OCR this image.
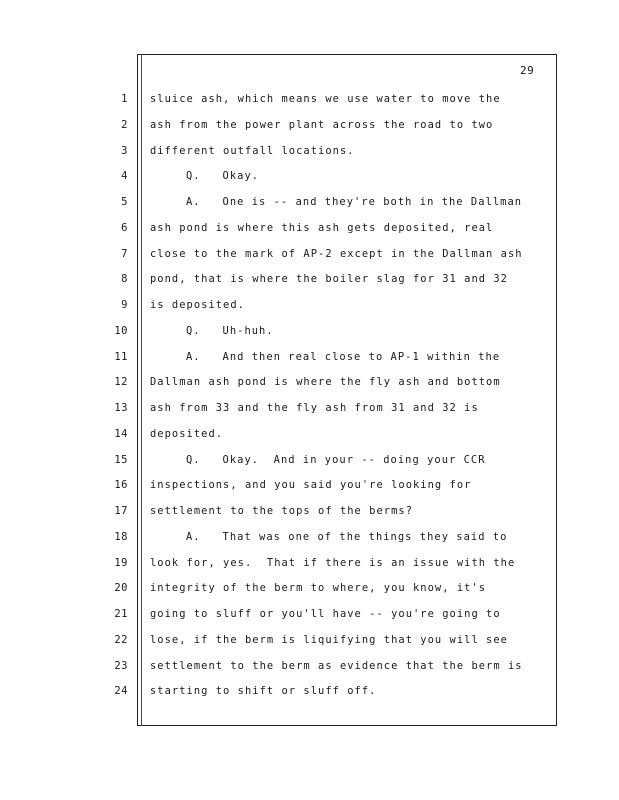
29
1
2
3
4
5
6
7
8
9
10
11
12
13
14
15
16
17
18
19
20
21
22
23
24
sluice ash, which means we use water to move the
ash from the power plant across the road to two
different outfall locations.
Q.   Okay.
A.   One is -- and they're both in the Dallman
ash pond is where this ash gets deposited, real
close to the mark of AP-2 except in the Dallman ash
pond, that is where the boiler slag for 31 and 32
is deposited.
Q.   Uh-huh.
A.   And then real close to AP-1 within the
Dallman ash pond is where the fly ash and bottom
ash from 33 and the fly ash from 31 and 32 is
deposited.
Q.   Okay.  And in your -- doing your CCR
inspections, and you said you're looking for
settlement to the tops of the berms?
A.   That was one of the things they said to
look for, yes.  That if there is an issue with the
integrity of the berm to where, you know, it's
going to sluff or you'll have -- you're going to
lose, if the berm is liquifying that you will see
settlement to the berm as evidence that the berm is
starting to shift or sluff off.
